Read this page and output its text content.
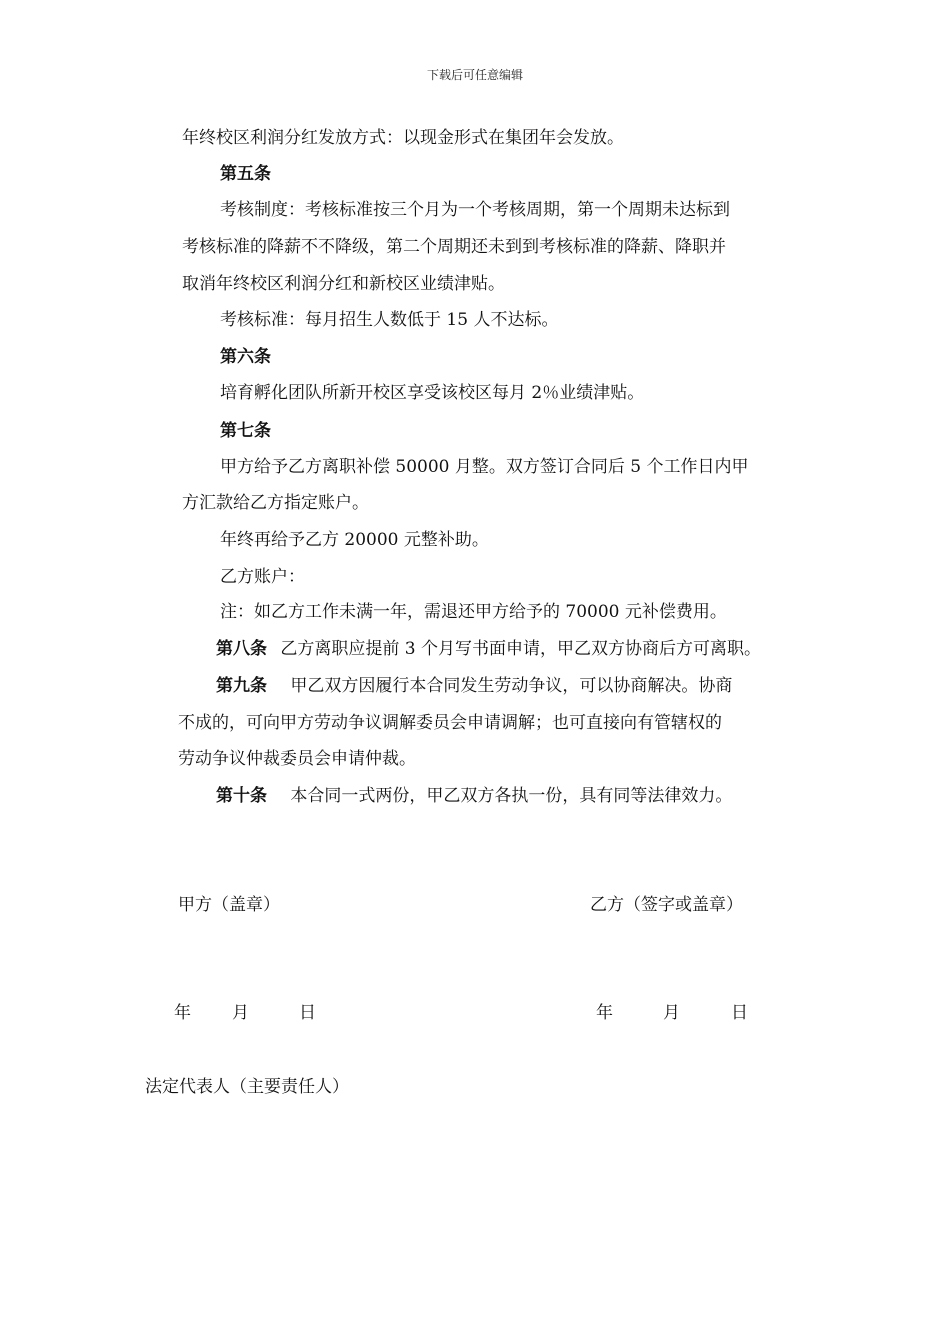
下载后可任意编辑
年终校区利润分红发放方式：以现金形式在集团年会发放。
第五条
考核制度：考核标准按三个月为一个考核周期，第一个周期未达标到
考核标准的降薪不不降级，第二个周期还未到到考核标准的降薪、降职并
取消年终校区利润分红和新校区业绩津贴。
考核标准：每月招生人数低于 15 人不达标。
第六条
培育孵化团队所新开校区享受该校区每月 2％业绩津贴。
第七条
甲方给予乙方离职补偿 50000 月整。双方签订合同后 5 个工作日内甲
方汇款给乙方指定账户。
年终再给予乙方 20000 元整补助。
乙方账户：
注：如乙方工作未满一年，需退还甲方给予的 70000 元补偿费用。
第八条 乙方离职应提前 3 个月写书面申请，甲乙双方协商后方可离职。
第九条 甲乙双方因履行本合同发生劳动争议，可以协商解决。协商
不成的，可向甲方劳动争议调解委员会申请调解；也可直接向有管辖权的
劳动争议仲裁委员会申请仲裁。
第十条 本合同一式两份，甲乙双方各执一份，具有同等法律效力。
甲方（盖章）	乙方（签字或盖章）
年 月	日	年	月	日
法定代表人（主要责任人）
